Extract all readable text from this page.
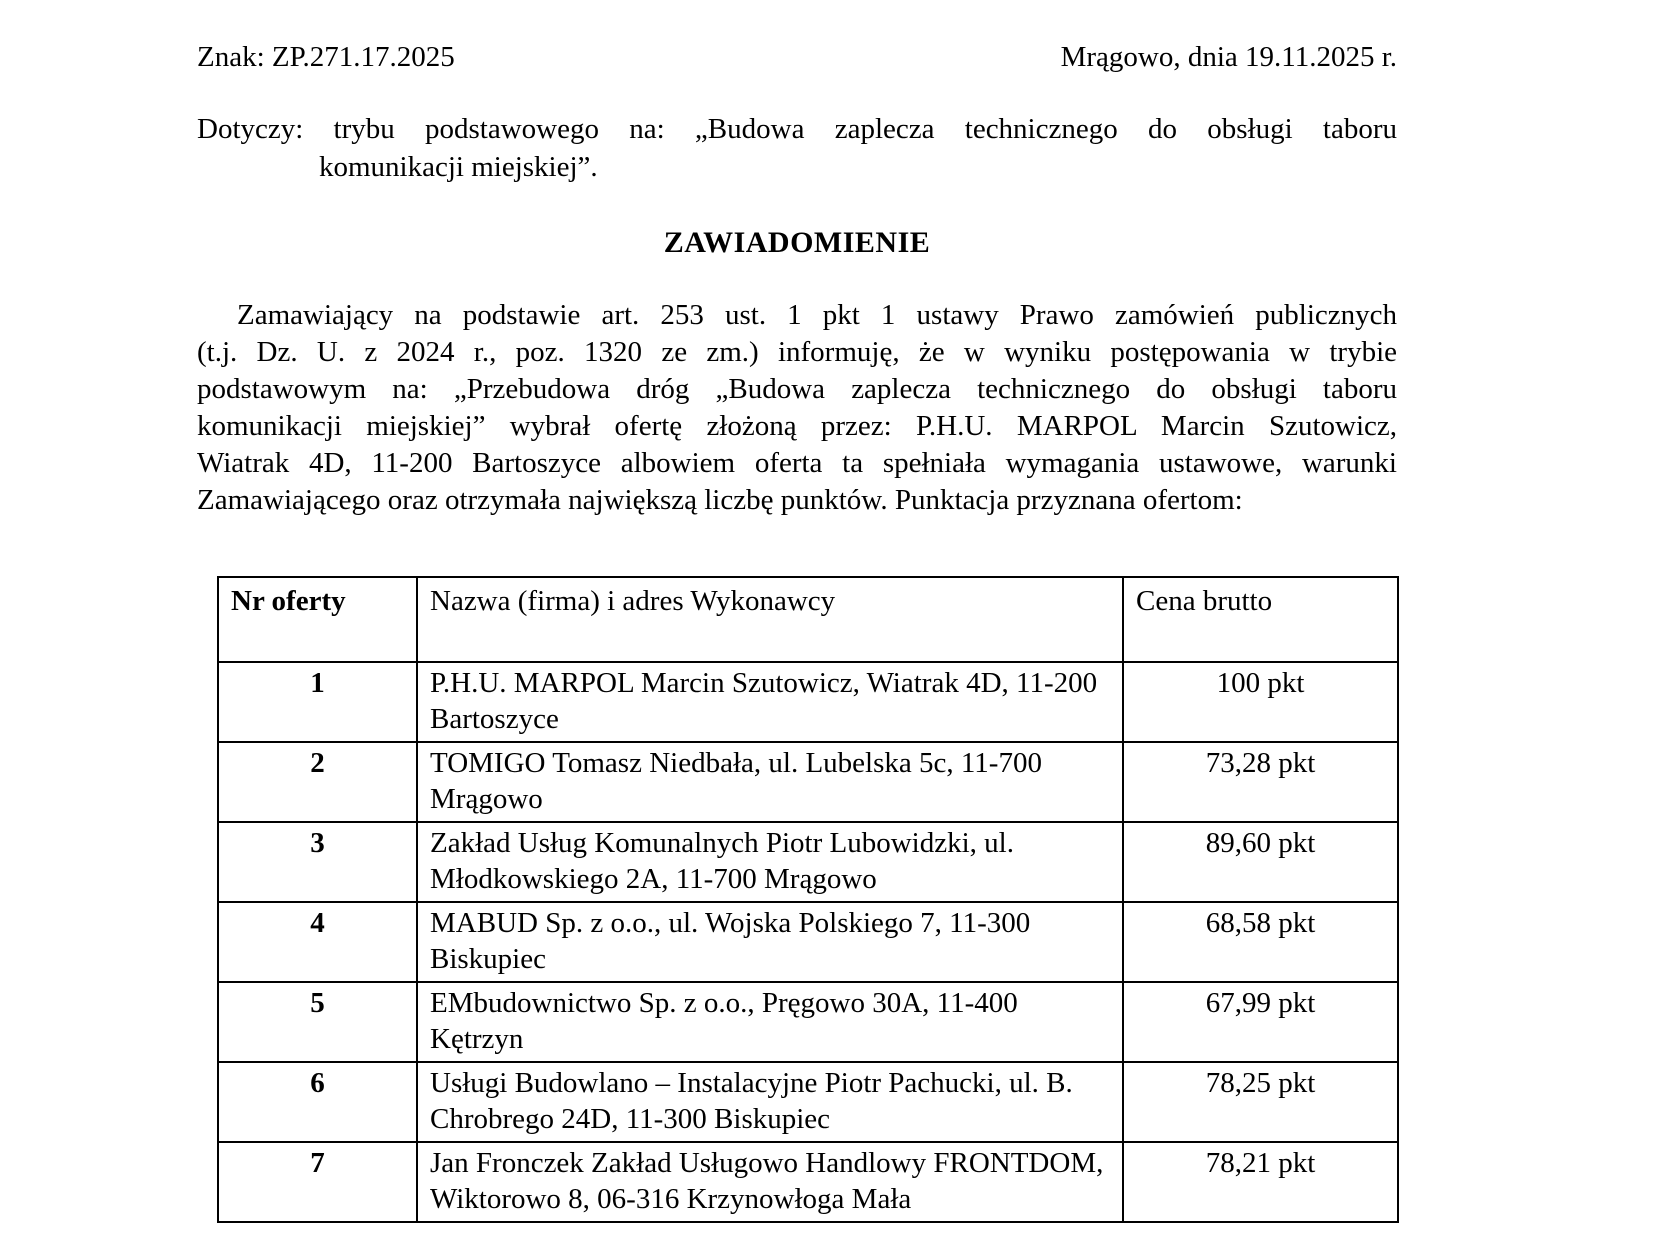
Znak: ZP.271.17.2025	Mrągowo, dnia 19.11.2025 r.
Dotyczy: trybu podstawowego na: „Budowa zaplecza technicznego do obsługi taboru
komunikacji miejskiej”.
ZAWIADOMIENIE
Zamawiający na podstawie art. 253 ust. 1 pkt 1 ustawy Prawo zamówień publicznych
(t.j. Dz. U. z 2024 r., poz. 1320 ze zm.) informuję, że w wyniku postępowania w trybie
podstawowym na: „Przebudowa dróg „Budowa zaplecza technicznego do obsługi taboru
komunikacji miejskiej” wybrał ofertę złożoną przez: P.H.U. MARPOL Marcin Szutowicz,
Wiatrak 4D, 11-200 Bartoszyce albowiem oferta ta spełniała wymagania ustawowe, warunki
Zamawiającego oraz otrzymała największą liczbę punktów. Punktacja przyznana ofertom:
Nr oferty	Nazwa (firma) i adres Wykonawcy	Cena brutto
1	P.H.U. MARPOL Marcin Szutowicz, Wiatrak 4D, 11-200 Bartoszyce	100 pkt
2	TOMIGO Tomasz Niedbała, ul. Lubelska 5c, 11-700 Mrągowo	73,28 pkt
3	Zakład Usług Komunalnych Piotr Lubowidzki, ul. Młodkowskiego 2A, 11-700 Mrągowo	89,60 pkt
4	MABUD Sp. z o.o., ul. Wojska Polskiego 7, 11-300 Biskupiec	68,58 pkt
5	EMbudownictwo Sp. z o.o., Pręgowo 30A, 11-400 Kętrzyn	67,99 pkt
6	Usługi Budowlano – Instalacyjne Piotr Pachucki, ul. B. Chrobrego 24D, 11-300 Biskupiec	78,25 pkt
7	Jan Fronczek Zakład Usługowo Handlowy FRONTDOM, Wiktorowo 8, 06-316 Krzynowłoga Mała	78,21 pkt
